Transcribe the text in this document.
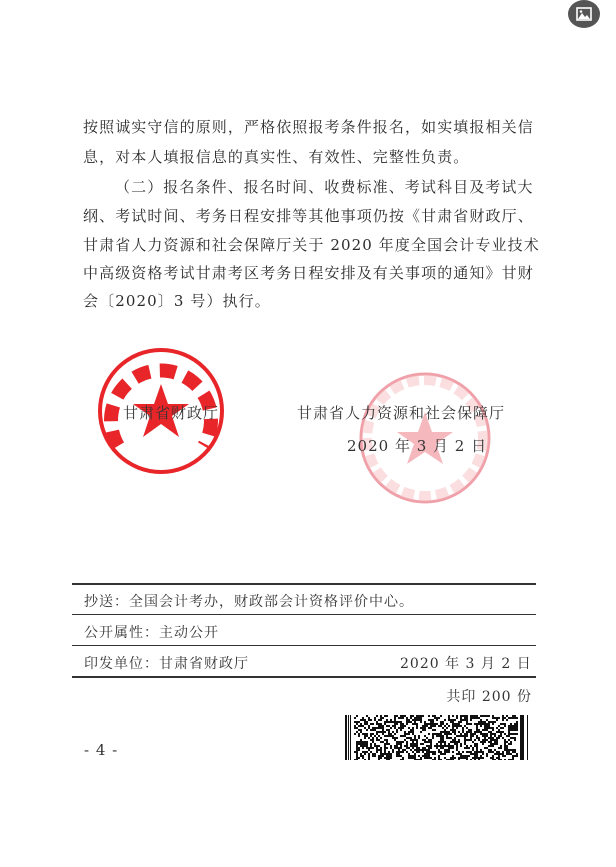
按照诚实守信的原则，严格依照报考条件报名，如实填报相关信
息，对本人填报信息的真实性、有效性、完整性负责。
（二）报名条件、报名时间、收费标准、考试科目及考试大
纲、考试时间、考务日程安排等其他事项仍按《甘肃省财政厅、
甘肃省人力资源和社会保障厅关于 2020 年度全国会计专业技术
中高级资格考试甘肃考区考务日程安排及有关事项的通知》甘财
会〔2020〕3 号）执行。
甘肃省财政厅	甘肃省人力资源和社会保障厅
2020 年 3 月 2 日
抄送：全国会计考办，财政部会计资格评价中心。
公开属性：主动公开
印发单位：甘肃省财政厅	2020 年 3 月 2 日
共印 200 份
- 4 -
